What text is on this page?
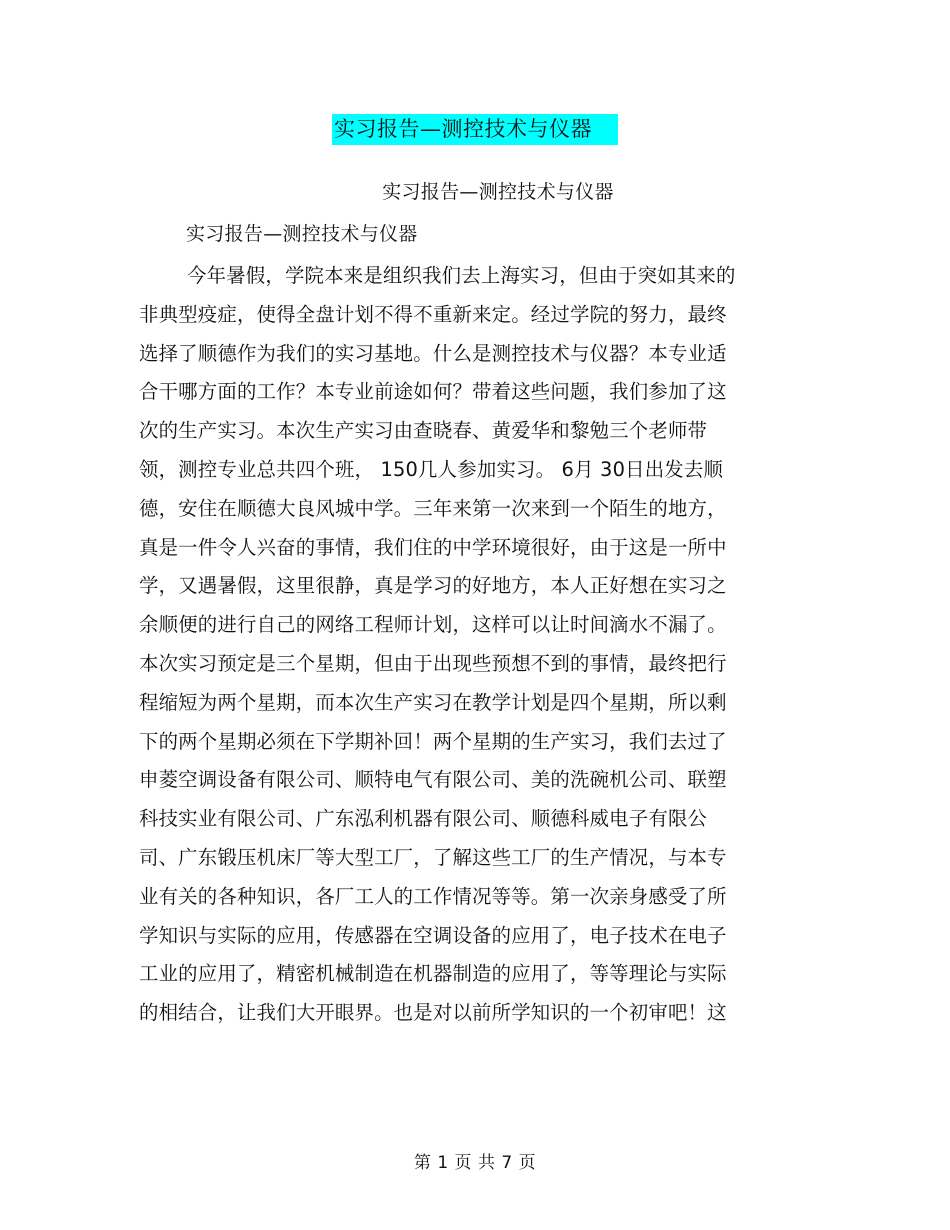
实习报告—测控技术与仪器
实习报告—测控技术与仪器
实习报告—测控技术与仪器
今年暑假，学院本来是组织我们去上海实习，但由于突如其来的
非典型疫症，使得全盘计划不得不重新来定。经过学院的努力，最终
选择了顺德作为我们的实习基地。什么是测控技术与仪器？本专业适
合干哪方面的工作？本专业前途如何？带着这些问题，我们参加了这
次的生产实习。本次生产实习由查晓春、黄爱华和黎勉三个老师带
领，测控专业总共四个班， 150几人参加实习。 6月 30日出发去顺
德，安住在顺德大良风城中学。三年来第一次来到一个陌生的地方，
真是一件令人兴奋的事情，我们住的中学环境很好，由于这是一所中
学，又遇暑假，这里很静，真是学习的好地方，本人正好想在实习之
余顺便的进行自己的网络工程师计划，这样可以让时间滴水不漏了。
本次实习预定是三个星期，但由于出现些预想不到的事情，最终把行
程缩短为两个星期，而本次生产实习在教学计划是四个星期，所以剩
下的两个星期必须在下学期补回！两个星期的生产实习，我们去过了
申菱空调设备有限公司、顺特电气有限公司、美的洗碗机公司、联塑
科技实业有限公司、广东泓利机器有限公司、顺德科威电子有限公
司、广东锻压机床厂等大型工厂，了解这些工厂的生产情况，与本专
业有关的各种知识，各厂工人的工作情况等等。第一次亲身感受了所
学知识与实际的应用，传感器在空调设备的应用了，电子技术在电子
工业的应用了，精密机械制造在机器制造的应用了，等等理论与实际
的相结合，让我们大开眼界。也是对以前所学知识的一个初审吧！这
第 1 页 共 7 页
